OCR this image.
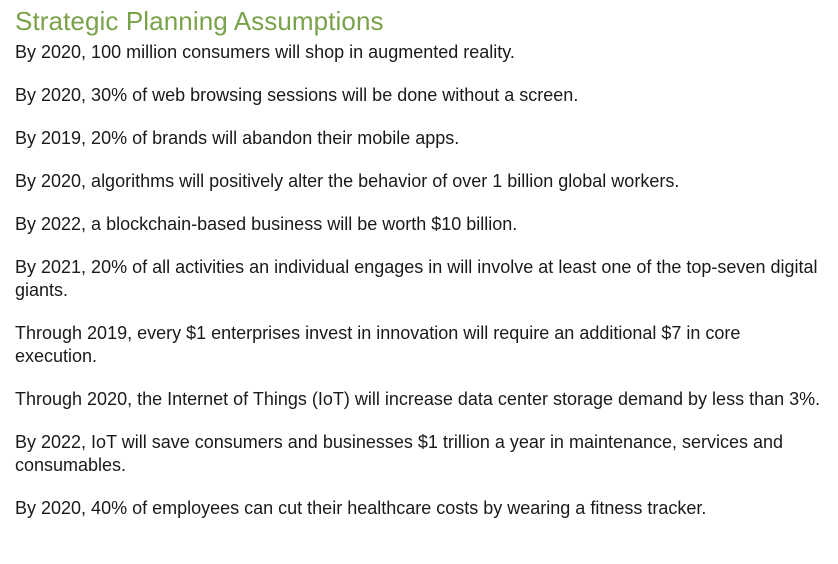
Strategic Planning Assumptions
By 2020, 100 million consumers will shop in augmented reality.
By 2020, 30% of web browsing sessions will be done without a screen.
By 2019, 20% of brands will abandon their mobile apps.
By 2020, algorithms will positively alter the behavior of over 1 billion global workers.
By 2022, a blockchain-based business will be worth $10 billion.
By 2021, 20% of all activities an individual engages in will involve at least one of the top-seven digital giants.
Through 2019, every $1 enterprises invest in innovation will require an additional $7 in core execution.
Through 2020, the Internet of Things (IoT) will increase data center storage demand by less than 3%.
By 2022, IoT will save consumers and businesses $1 trillion a year in maintenance, services and consumables.
By 2020, 40% of employees can cut their healthcare costs by wearing a fitness tracker.
